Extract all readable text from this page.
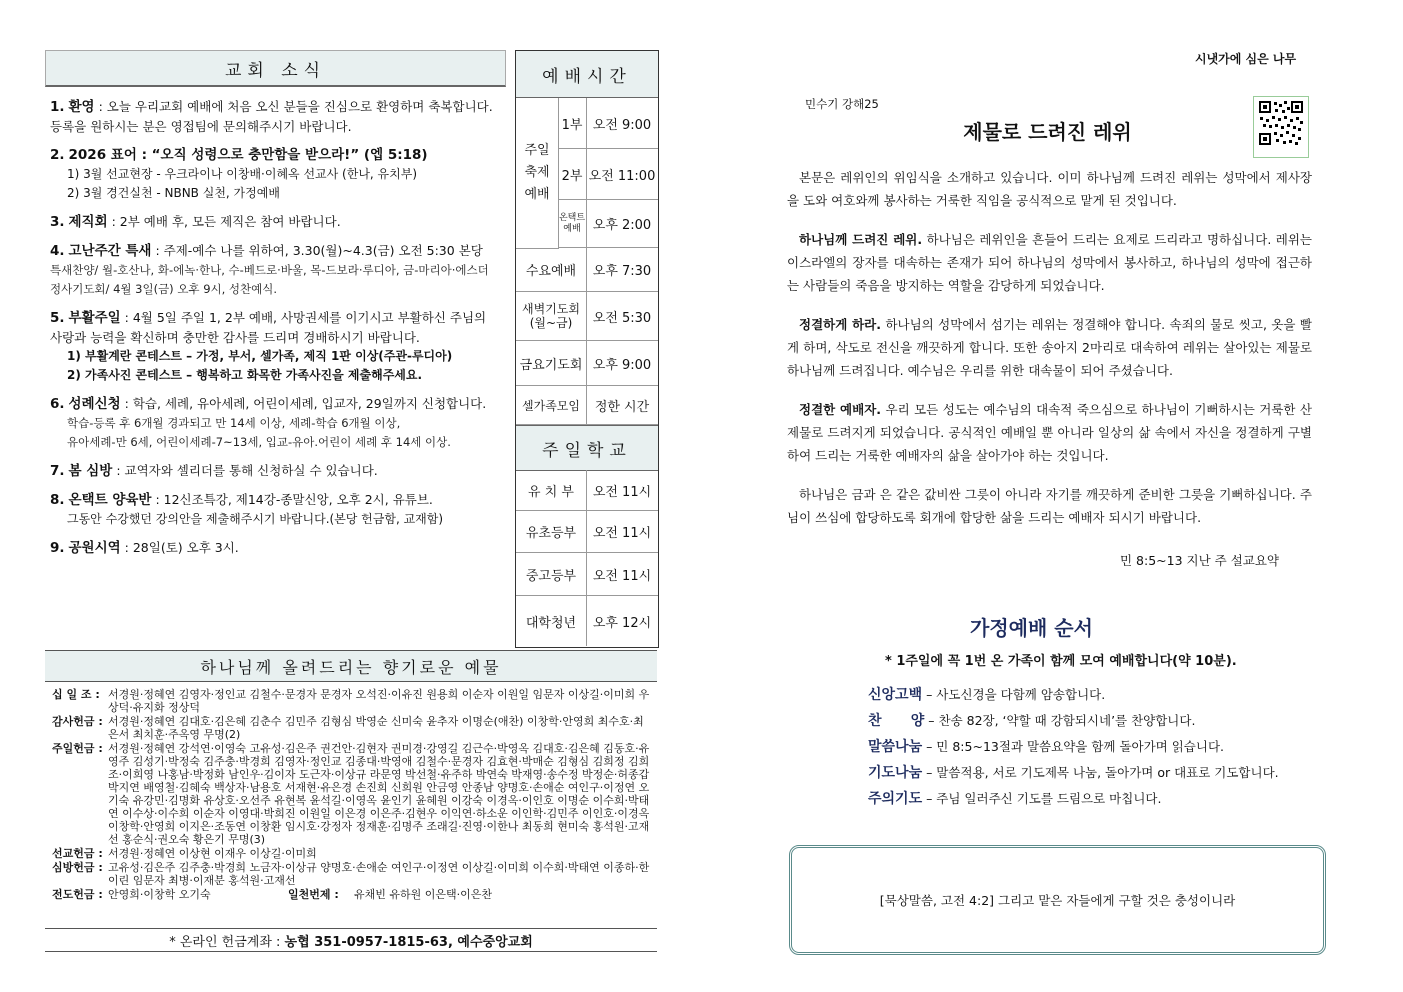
교회 소식
1. 환영 : 오늘 우리교회 예배에 처음 오신 분들을 진심으로 환영하며 축복합니다. 등록을 원하시는 분은 영접팀에 문의해주시기 바랍니다.
2. 2026 표어 : “오직 성령으로 충만함을 받으라!” (엡 5:18)
1) 3월 선교현장 - 우크라이나 이창배·이혜옥 선교사 (한나, 유치부)
2) 3월 경건실천 - NBNB 실천, 가정예배
3. 제직회 : 2부 예배 후, 모든 제직은 참여 바랍니다.
4. 고난주간 특새 : 주제-예수 나를 위하여, 3.30(월)~4.3(금) 오전 5:30 본당
특새찬양/ 월-호산나, 화-에녹·한나, 수-베드로·바울, 목-드보라·루디아, 금-마리아·에스더
정사기도회/ 4월 3일(금) 오후 9시, 성찬예식.
5. 부활주일 : 4월 5일 주일 1, 2부 예배, 사망권세를 이기시고 부활하신 주님의 사랑과 능력을 확신하며 충만한 감사를 드리며 경배하시기 바랍니다.
1) 부활계란 콘테스트 – 가정, 부서, 셀가족, 제직 1판 이상(주관-루디아)
2) 가족사진 콘테스트 – 행복하고 화목한 가족사진을 제출해주세요.
6. 성례신청 : 학습, 세례, 유아세례, 어린이세례, 입교자, 29일까지 신청합니다.
학습-등록 후 6개월 경과되고 만 14세 이상, 세례-학습 6개월 이상,
유아세례-만 6세, 어린이세례-7~13세, 입교-유아.어린이 세례 후 14세 이상.
7. 봄 심방 : 교역자와 셀리더를 통해 신청하실 수 있습니다.
8. 온택트 양육반 : 12신조특강, 제14강-종말신앙, 오후 2시, 유튜브.
그동안 수강했던 강의안을 제출해주시기 바랍니다.(본당 헌금함, 교재함)
9. 공원시역 : 28일(토) 오후 3시.
예배시간
1부 오전 9:00
2부 오전 11:00
온택트 예배 오후 2:00
주일
축제
예배
수요예배	오후 7:30
새벽기도회 (월~금)	오전 5:30
금요기도회 오후 9:00
셀가족모임	정한 시간
주일학교
유 치 부	오전 11시
유초등부	오전 11시
중고등부	오전 11시
대학청년	오후 12시
하나님께 올려드리는 향기로운 예물
십 일 조 : 서경원·정혜연 김영자·정인교 김철수·문경자 문경자 오석진·이유진 원용희 이순자 이원일 임문자 이상길·이미희 우상덕·유지화 정상덕
감사헌금 : 서경원·정혜연 김대호·김은혜 김춘수 김민주 김형심 박영순 신미숙 윤추자 이명순(애찬) 이창학·안영희 최수호·최은서 최치훈·주옥영 무명(2)
주일헌금 : 서경원·정혜연 강석연·이영숙 고유성·김은주 권건안·김현자 권미경·강영길 김근수·박영옥 김대호·김은혜 김동호·유영주 김성기·박정숙 김주충·박경희 김영자·정인교 김종대·박영애 김철수·문경자 김효현·박매순 김형심 김희정 김희조·이희영 나홍남·박정화 남인우·김이자 도근자·이상규 라문영 박선철·유주하 박연숙 박재영·송수정 박정순·허종갑 박지연 배영철·김혜숙 백상자·남용호 서재현·유은경 손진희 신희원 안금영 안종남 양명호·손애순 여인구·이정연 오기숙 유강민·김명화 유상호·오선주 유현복 윤석길·이영옥 윤인기 윤혜원 이강숙 이경옥·이인호 이명순 이수희·박태연 이수상·이수희 이순자 이영대·박희진 이원일 이은경 이은주·김현우 이익연·하소운 이인학·김민주 이인호·이경옥 이창학·안영희 이지은·조동연 이창환 임시호·강정자 정재훈·김명주 조래길·진영·이한나 최동희 현미숙 홍석원·고재선 홍순식·권오숙 황은기 무명(3)
선교헌금 : 서경원·정혜연 이상현 이재우 이상길·이미희
심방헌금 : 고유성·김은주 김주충·박경희 노금자·이상규 양명호·손애순 여인구·이정연 이상길·이미희 이수희·박태연 이종하·한이린 임문자 최병·이재분 홍석원·고재선
전도헌금 : 안영희·이창학 오기숙	일천번제 :	유채빈 유하원 이은택·이은찬
* 온라인 헌금계좌 :
농협 351-0957-1815-63, 예수중앙교회
시냇가에 심은 나무
민수기 강해25
제물로 드려진 레위

본문은 레위인의 위임식을 소개하고 있습니다. 이미 하나님께 드려진 레위는 성막에서 제사장을 도와 여호와께 봉사하는 거룩한 직임을 공식적으로 맡게 된 것입니다.

하나님께 드려진 레위. 하나님은 레위인을 흔들어 드리는 요제로 드리라고 명하십니다. 레위는 이스라엘의 장자를 대속하는 존재가 되어 하나님의 성막에서 봉사하고, 하나님의 성막에 접근하는 사람들의 죽음을 방지하는 역할을 감당하게 되었습니다.

정결하게 하라. 하나님의 성막에서 섬기는 레위는 정결해야 합니다. 속죄의 물로 씻고, 옷을 빨게 하며, 삭도로 전신을 깨끗하게 합니다. 또한 송아지 2마리로 대속하여 레위는 살아있는 제물로 하나님께 드려집니다. 예수님은 우리를 위한 대속물이 되어 주셨습니다.

정결한 예배자. 우리 모든 성도는 예수님의 대속적 죽으심으로 하나님이 기뻐하시는 거룩한 산 제물로 드려지게 되었습니다. 공식적인 예배일 뿐 아니라 일상의 삶 속에서 자신을 정결하게 구별하여 드리는 거룩한 예배자의 삶을 살아가야 하는 것입니다.

하나님은 금과 은 같은 값비싼 그릇이 아니라 자기를 깨끗하게 준비한 그릇을 기뻐하십니다. 주님이 쓰심에 합당하도록 회개에 합당한 삶을 드리는 예배자 되시기 바랍니다.

민 8:5~13 지난 주 설교요약
가정예배 순서
* 1주일에 꼭 1번 온 가족이 함께 모여 예배합니다(약 10분).
신앙고백 – 사도신경을 다함께 암송합니다.
찬      양 – 찬송 82장, ‘약할 때 강함되시네’를 찬양합니다.
말씀나눔 – 민 8:5~13절과 말씀요약을 함께 돌아가며 읽습니다.
기도나눔 – 말씀적용, 서로 기도제목 나눔, 돌아가며 or 대표로 기도합니다.
주의기도 – 주님 일러주신 기도를 드림으로 마칩니다.
[묵상말씀, 고전 4:2] 그리고 맡은 자들에게 구할 것은 충성이니라
